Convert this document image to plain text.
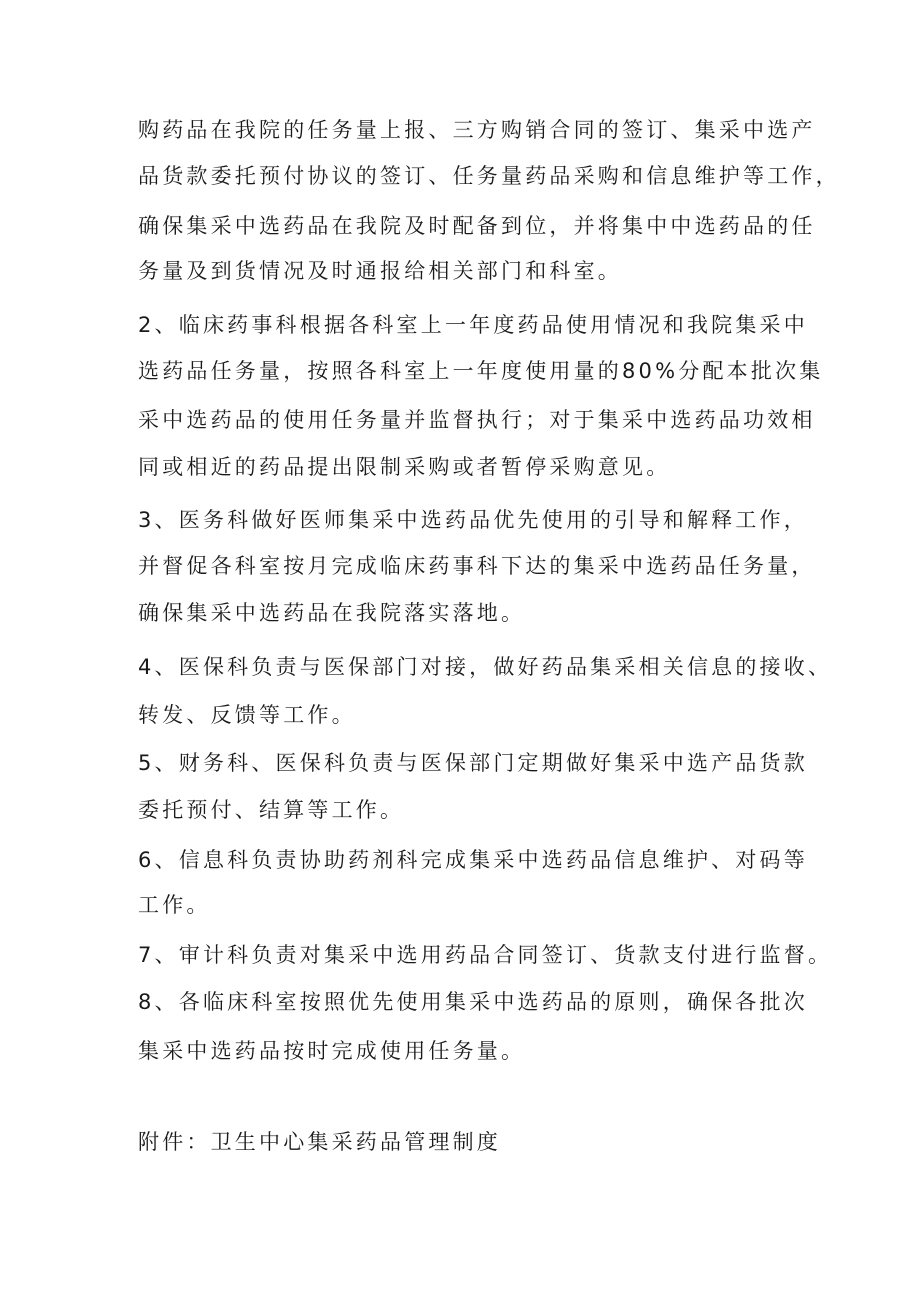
购药品在我院的任务量上报、三方购销合同的签订、集采中选产
品货款委托预付协议的签订、任务量药品采购和信息维护等工作，
确保集采中选药品在我院及时配备到位，并将集中中选药品的任
务量及到货情况及时通报给相关部门和科室。
2、临床药事科根据各科室上一年度药品使用情况和我院集采中
选药品任务量，按照各科室上一年度使用量的80%分配本批次集
采中选药品的使用任务量并监督执行；对于集采中选药品功效相
同或相近的药品提出限制采购或者暂停采购意见。
3、医务科做好医师集采中选药品优先使用的引导和解释工作，
并督促各科室按月完成临床药事科下达的集采中选药品任务量，
确保集采中选药品在我院落实落地。
4、医保科负责与医保部门对接，做好药品集采相关信息的接收、
转发、反馈等工作。
5、财务科、医保科负责与医保部门定期做好集采中选产品货款
委托预付、结算等工作。
6、信息科负责协助药剂科完成集采中选药品信息维护、对码等
工作。
7、审计科负责对集采中选用药品合同签订、货款支付进行监督。
8、各临床科室按照优先使用集采中选药品的原则，确保各批次
集采中选药品按时完成使用任务量。
附件：卫生中心集采药品管理制度
